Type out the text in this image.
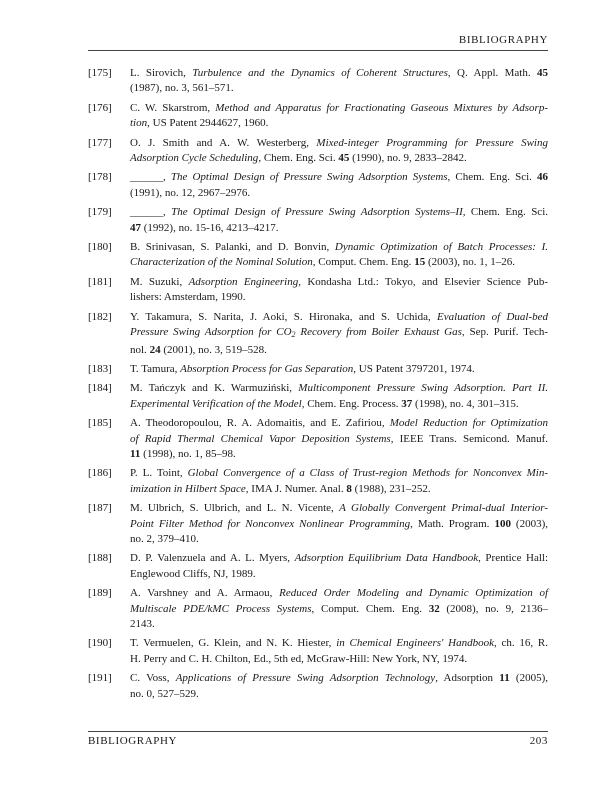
BIBLIOGRAPHY
[175] L. Sirovich, Turbulence and the Dynamics of Coherent Structures, Q. Appl. Math. 45
(1987), no. 3, 561–571.
[176] C. W. Skarstrom, Method and Apparatus for Fractionating Gaseous Mixtures by Adsorp-
tion, US Patent 2944627, 1960.
[177] O. J. Smith and A. W. Westerberg, Mixed-integer Programming for Pressure Swing
Adsorption Cycle Scheduling, Chem. Eng. Sci. 45 (1990), no. 9, 2833–2842.
[178] ______, The Optimal Design of Pressure Swing Adsorption Systems, Chem. Eng. Sci. 46
(1991), no. 12, 2967–2976.
[179] ______, The Optimal Design of Pressure Swing Adsorption Systems–II, Chem. Eng. Sci.
47 (1992), no. 15-16, 4213–4217.
[180] B. Srinivasan, S. Palanki, and D. Bonvin, Dynamic Optimization of Batch Processes: I.
Characterization of the Nominal Solution, Comput. Chem. Eng. 15 (2003), no. 1, 1–26.
[181] M. Suzuki, Adsorption Engineering, Kondasha Ltd.: Tokyo, and Elsevier Science Pub-
lishers: Amsterdam, 1990.
[182] Y. Takamura, S. Narita, J. Aoki, S. Hironaka, and S. Uchida, Evaluation of Dual-bed
Pressure Swing Adsorption for $CO_2$ Recovery from Boiler Exhaust Gas, Sep. Purif. Tech-
nol. 24 (2001), no. 3, 519–528.
[183] T. Tamura, Absorption Process for Gas Separation, US Patent 3797201, 1974.
[184] M. Tańczyk and K. Warmuziński, Multicomponent Pressure Swing Adsorption. Part II.
Experimental Verification of the Model, Chem. Eng. Process. 37 (1998), no. 4, 301–315.
[185] A. Theodoropoulou, R. A. Adomaitis, and E. Zafiriou, Model Reduction for Optimization
of Rapid Thermal Chemical Vapor Deposition Systems, IEEE Trans. Semicond. Manuf.
11 (1998), no. 1, 85–98.
[186] P. L. Toint, Global Convergence of a Class of Trust-region Methods for Nonconvex Min-
imization in Hilbert Space, IMA J. Numer. Anal. 8 (1988), 231–252.
[187] M. Ulbrich, S. Ulbrich, and L. N. Vicente, A Globally Convergent Primal-dual Interior-
Point Filter Method for Nonconvex Nonlinear Programming, Math. Program. 100 (2003),
no. 2, 379–410.
[188] D. P. Valenzuela and A. L. Myers, Adsorption Equilibrium Data Handbook, Prentice Hall:
Englewood Cliffs, NJ, 1989.
[189] A. Varshney and A. Armaou, Reduced Order Modeling and Dynamic Optimization of
Multiscale PDE/kMC Process Systems, Comput. Chem. Eng. 32 (2008), no. 9, 2136–
2143.
[190] T. Vermuelen, G. Klein, and N. K. Hiester, in Chemical Engineers' Handbook, ch. 16, R.
H. Perry and C. H. Chilton, Ed., 5th ed, McGraw-Hill: New York, NY, 1974.
[191] C. Voss, Applications of Pressure Swing Adsorption Technology, Adsorption 11 (2005),
no. 0, 527–529.
BIBLIOGRAPHY	203
